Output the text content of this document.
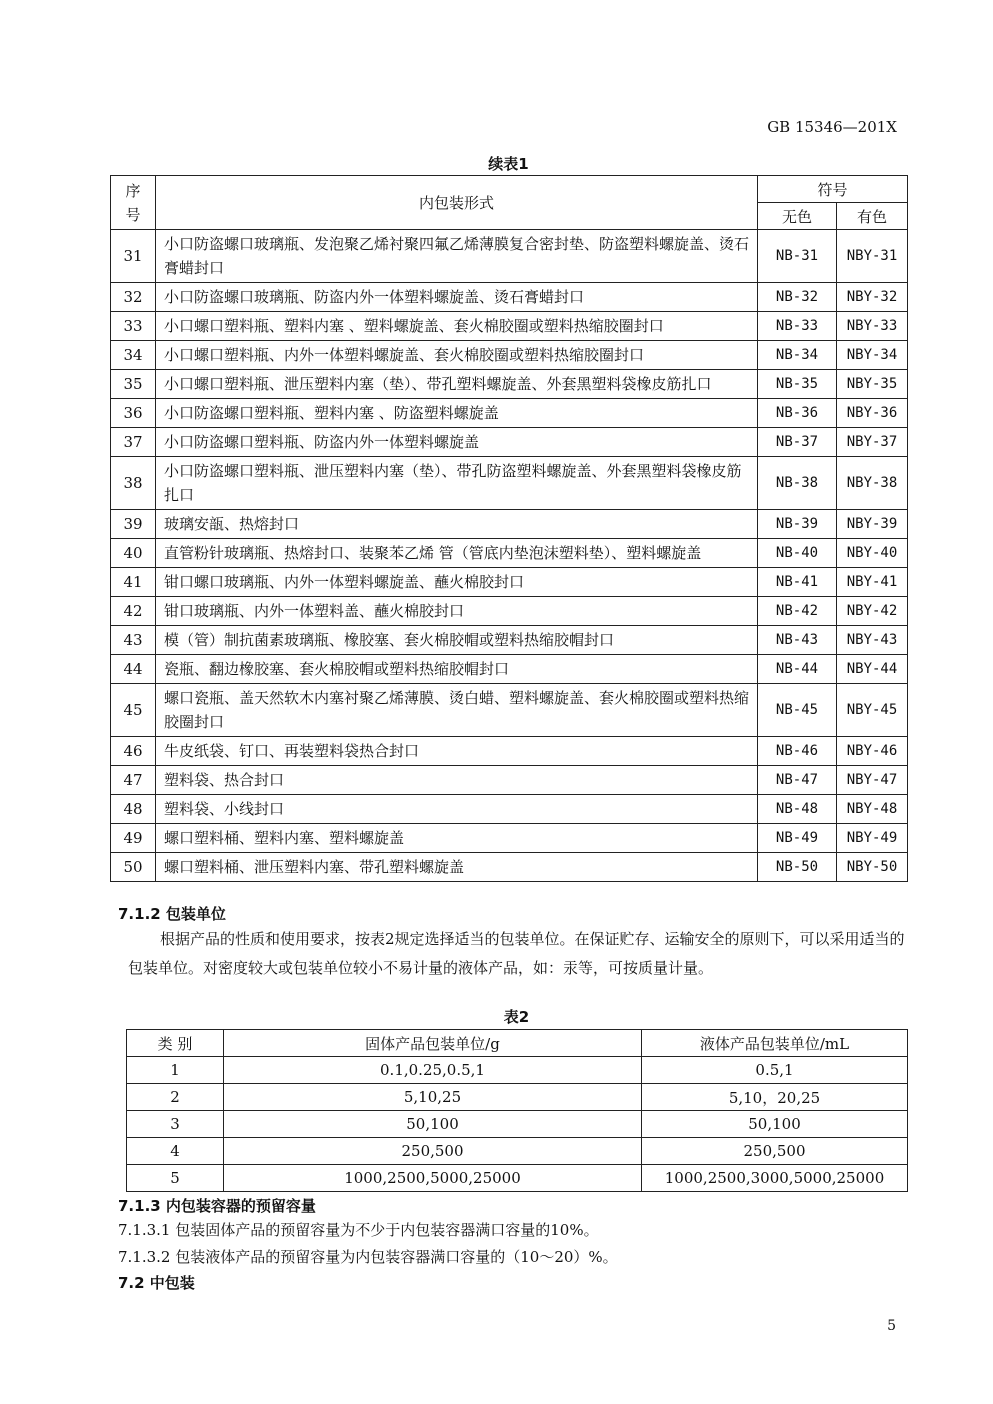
GB 15346—201X
续表1
序号	内包装形式	符号	
		无色	有色
31	小口防盗螺口玻璃瓶、发泡聚乙烯衬聚四氟乙烯薄膜复合密封垫、防盗塑料螺旋盖、烫石膏蜡封口	NB-31	NBY-31
32	小口防盗螺口玻璃瓶、防盗内外一体塑料螺旋盖、烫石膏蜡封口	NB-32	NBY-32
33	小口螺口塑料瓶、塑料内塞 、塑料螺旋盖、套火棉胶圈或塑料热缩胶圈封口	NB-33	NBY-33
34	小口螺口塑料瓶、内外一体塑料螺旋盖、套火棉胶圈或塑料热缩胶圈封口	NB-34	NBY-34
35	小口螺口塑料瓶、泄压塑料内塞（垫）、带孔塑料螺旋盖、外套黑塑料袋橡皮筋扎口	NB-35	NBY-35
36	小口防盗螺口塑料瓶、塑料内塞 、防盗塑料螺旋盖	NB-36	NBY-36
37	小口防盗螺口塑料瓶、防盗内外一体塑料螺旋盖	NB-37	NBY-37
38	小口防盗螺口塑料瓶、泄压塑料内塞（垫）、带孔防盗塑料螺旋盖、外套黑塑料袋橡皮筋扎口	NB-38	NBY-38
39	玻璃安瓿、热熔封口	NB-39	NBY-39
40	直管粉针玻璃瓶、热熔封口、装聚苯乙烯 管（管底内垫泡沫塑料垫）、塑料螺旋盖	NB-40	NBY-40
41	钳口螺口玻璃瓶、内外一体塑料螺旋盖、蘸火棉胶封口	NB-41	NBY-41
42	钳口玻璃瓶、内外一体塑料盖、蘸火棉胶封口	NB-42	NBY-42
43	模（管）制抗菌素玻璃瓶、橡胶塞、套火棉胶帽或塑料热缩胶帽封口	NB-43	NBY-43
44	瓷瓶、翻边橡胶塞、套火棉胶帽或塑料热缩胶帽封口	NB-44	NBY-44
45	螺口瓷瓶、盖天然软木内塞衬聚乙烯薄膜、烫白蜡、塑料螺旋盖、套火棉胶圈或塑料热缩胶圈封口	NB-45	NBY-45
46	牛皮纸袋、钉口、再装塑料袋热合封口	NB-46	NBY-46
47	塑料袋、热合封口	NB-47	NBY-47
48	塑料袋、小线封口	NB-48	NBY-48
49	螺口塑料桶、塑料内塞、塑料螺旋盖	NB-49	NBY-49
50	螺口塑料桶、泄压塑料内塞、带孔塑料螺旋盖	NB-50	NBY-50
7.1.2 包装单位
根据产品的性质和使用要求，按表2规定选择适当的包装单位。在保证贮存、运输安全的原则下，可以采用适当的包装单位。对密度较大或包装单位较小不易计量的液体产品，如：汞等，可按质量计量。
表2
类 别	固体产品包装单位/g	液体产品包装单位/mL
1	0.1,0.25,0.5,1	0.5,1
2	5,10,25	5,10，20,25
3	50,100	50,100
4	250,500	250,500
5	1000,2500,5000,25000	1000,2500,3000,5000,25000
7.1.3 内包装容器的预留容量
7.1.3.1 包装固体产品的预留容量为不少于内包装容器满口容量的10%。
7.1.3.2 包装液体产品的预留容量为内包装容器满口容量的（10～20）%。
7.2 中包装
5
